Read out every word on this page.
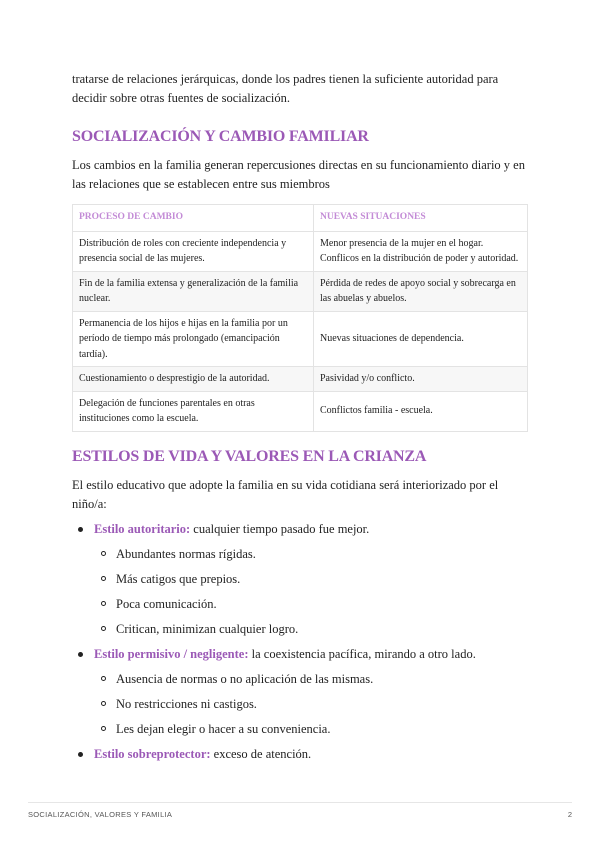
tratarse de relaciones jerárquicas, donde los padres tienen la suficiente autoridad para decidir sobre otras fuentes de socialización.

SOCIALIZACIÓN Y CAMBIO FAMILIAR

Los cambios en la familia generan repercusiones directas en su funcionamiento diario y en las relaciones que se establecen entre sus miembros

PROCESO DE CAMBIO	NUEVAS SITUACIONES
Distribución de roles con creciente independencia y presencia social de las mujeres.	Menor presencia de la mujer en el hogar. Conflicos en la distribución de poder y autoridad.
Fin de la familia extensa y generalización de la familia nuclear.	Pérdida de redes de apoyo social y sobrecarga en las abuelas y abuelos.
Permanencia de los hijos e hijas en la familia por un período de tiempo más prolongado (emancipación tardía).	Nuevas situaciones de dependencia.
Cuestionamiento o desprestigio de la autoridad.	Pasividad y/o conflicto.
Delegación de funciones parentales en otras instituciones como la escuela.	Conflictos familia - escuela.
ESTILOS DE VIDA Y VALORES EN LA CRIANZA

El estilo educativo que adopte la familia en su vida cotidiana será interiorizado por el niño/a:

Estilo autoritario: cualquier tiempo pasado fue mejor.
Abundantes normas rígidas.
Más catigos que prepios.
Poca comunicación.
Critican, minimizan cualquier logro.
Estilo permisivo / negligente: la coexistencia pacífica, mirando a otro lado.
Ausencia de normas o no aplicación de las mismas.
No restricciones ni castigos.
Les dejan elegir o hacer a su conveniencia.
Estilo sobreprotector: exceso de atención.
SOCIALIZACIÓN, VALORES Y FAMILIA	2
